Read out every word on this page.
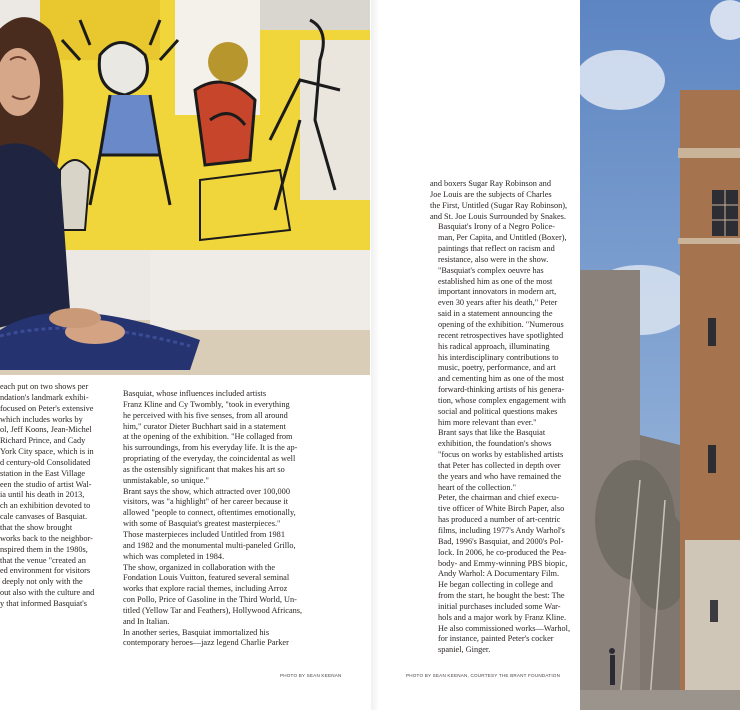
each put on two shows per
ndation's landmark exhibi-
focused on Peter's extensive
which includes works by
ol, Jeff Koons, Jean-Michel
Richard Prince, and Cady
York City space, which is in
d century-old Consolidated
station in the East Village
een the studio of artist Wal-
ia until his death in 2013,
ch an exhibition devoted to
cale canvases of Basquiat.
that the show brought
works back to the neighbor-
nspired them in the 1980s,
that the venue "created an
ed environment for visitors
deeply not only with the
out also with the culture and
y that informed Basquiat's

Basquiat, whose influences included artists
Franz Kline and Cy Twombly, "took in everything
he perceived with his five senses, from all around
him," curator Dieter Buchhart said in a statement
at the opening of the exhibition. "He collaged from
his surroundings, from his everyday life. It is the ap-
propriating of the everyday, the coincidental as well
as the ostensibly significant that makes his art so
unmistakable, so unique."

Brant says the show, which attracted over 100,000
visitors, was "a highlight" of her career because it
allowed "people to connect, oftentimes emotionally,
with some of Basquiat's greatest masterpieces."

Those masterpieces included Untitled from 1981
and 1982 and the monumental multi-paneled Grillo,
which was completed in 1984.

The show, organized in collaboration with the
Fondation Louis Vuitton, featured several seminal
works that explore racial themes, including Arroz
con Pollo, Price of Gasoline in the Third World, Un-
titled (Yellow Tar and Feathers), Hollywood Africans,
and In Italian.

In another series, Basquiat immortalized his
contemporary heroes—jazz legend Charlie Parker

and boxers Sugar Ray Robinson and
Joe Louis are the subjects of Charles
the First, Untitled (Sugar Ray Robinson),
and St. Joe Louis Surrounded by Snakes.

Basquiat's Irony of a Negro Police-
man, Per Capita, and Untitled (Boxer),
paintings that reflect on racism and
resistance, also were in the show.

"Basquiat's complex oeuvre has
established him as one of the most
important innovators in modern art,
even 30 years after his death," Peter
said in a statement announcing the
opening of the exhibition. "Numerous
recent retrospectives have spotlighted
his radical approach, illuminating
his interdisciplinary contributions to
music, poetry, performance, and art
and cementing him as one of the most
forward-thinking artists of his genera-
tion, whose complex engagement with
social and political questions makes
him more relevant than ever."

Brant says that like the Basquiat
exhibition, the foundation's shows
"focus on works by established artists
that Peter has collected in depth over
the years and who have remained the
heart of the collection."

Peter, the chairman and chief execu-
tive officer of White Birch Paper, also
has produced a number of art-centric
films, including 1977's Andy Warhol's
Bad, 1996's Basquiat, and 2000's Pol-
lock. In 2006, he co-produced the Pea-
body- and Emmy-winning PBS biopic,
Andy Warhol: A Documentary Film.

He began collecting in college and
from the start, he bought the best: The
initial purchases included some War-
hols and a major work by Franz Kline.
He also commissioned works—Warhol,
for instance, painted Peter's cocker
spaniel, Ginger.

PHOTO BY SEAN KEENAN	PHOTO BY SEAN KEENAN, COURTESY THE BRANT FOUNDATION
